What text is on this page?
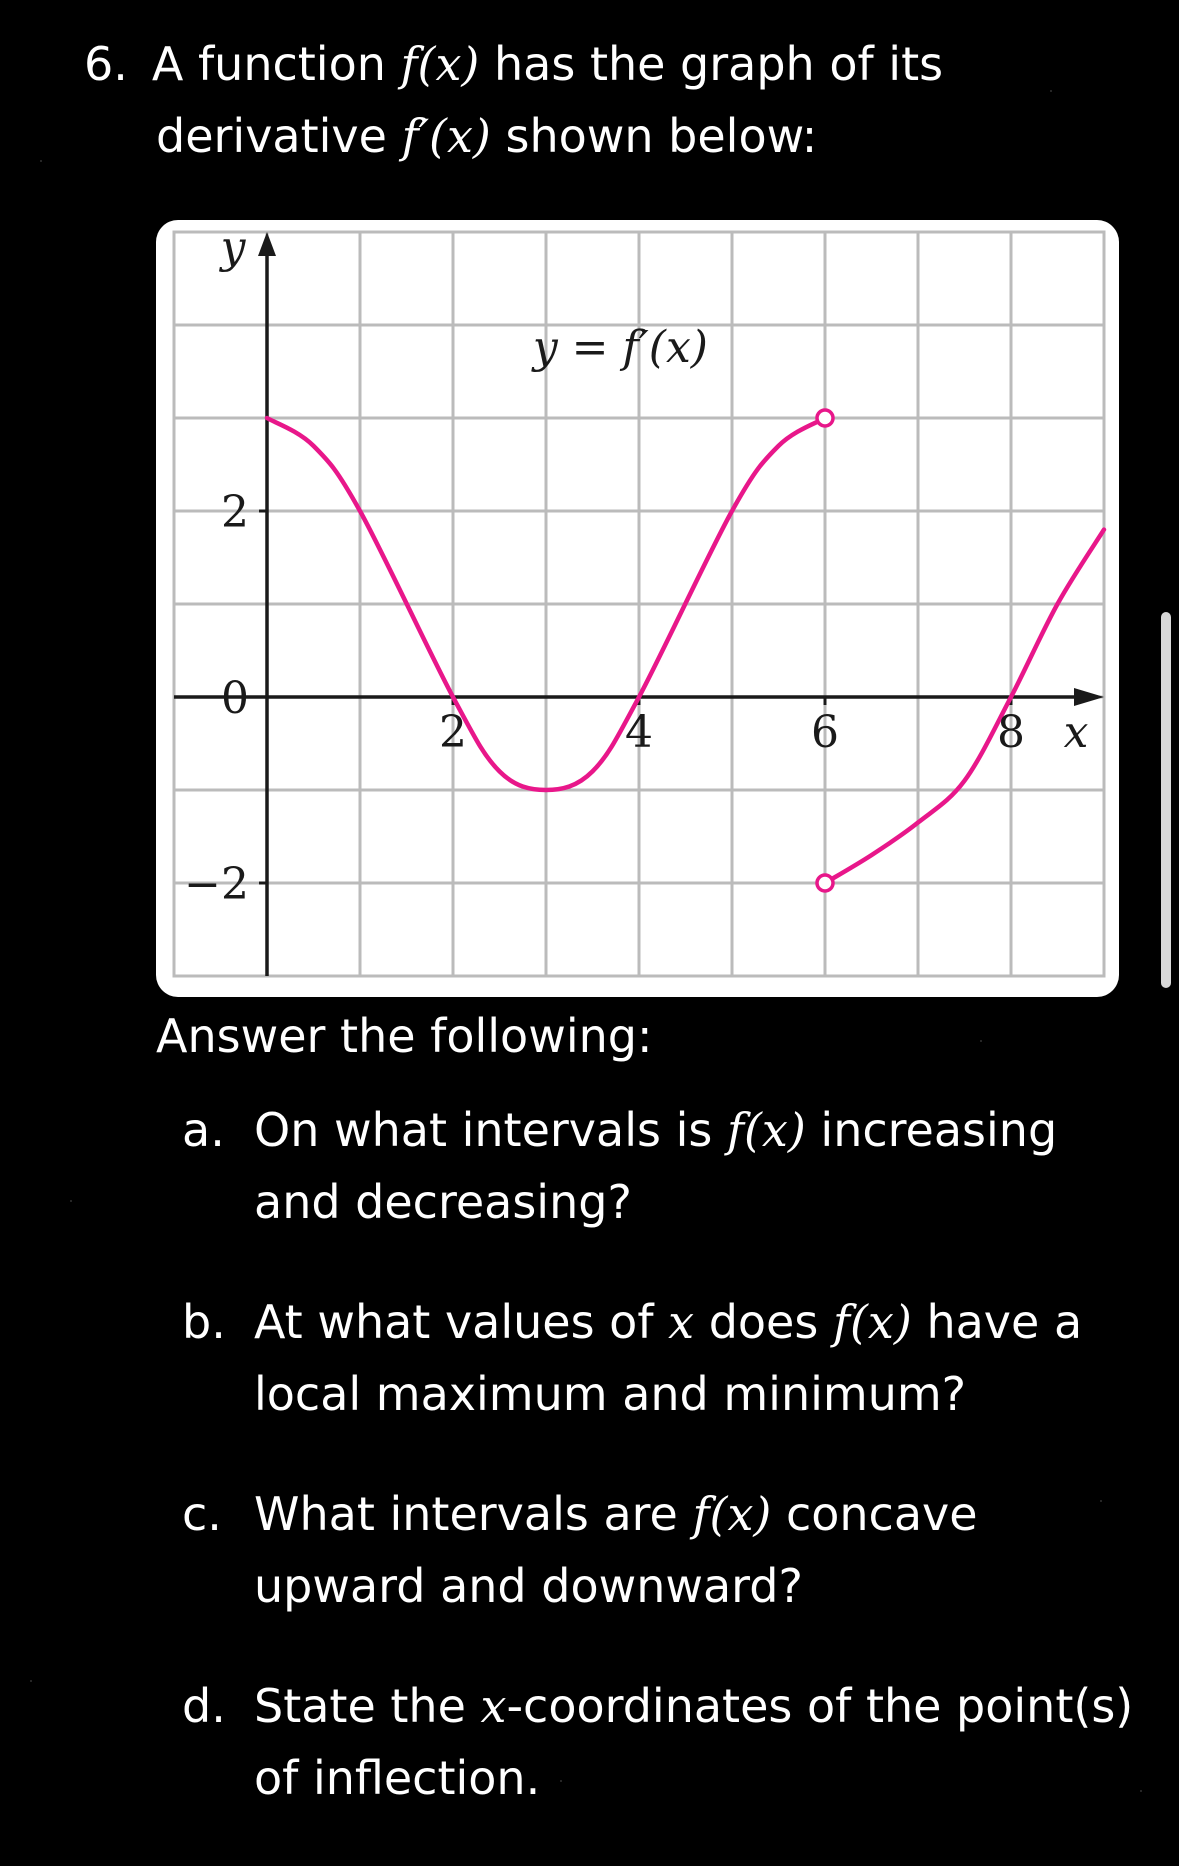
6. A function f(x) has the graph of its
derivative f′(x) shown below:
2	4	6	8
2
0
−2
x
y
y = f′(x)
Answer the following:
a. On what intervals is f(x) increasing
and decreasing?
b. At what values of x does f(x) have a
local maximum and minimum?
c. What intervals are f(x) concave
upward and downward?
d. State the x-coordinates of the point(s)
of inflection.
